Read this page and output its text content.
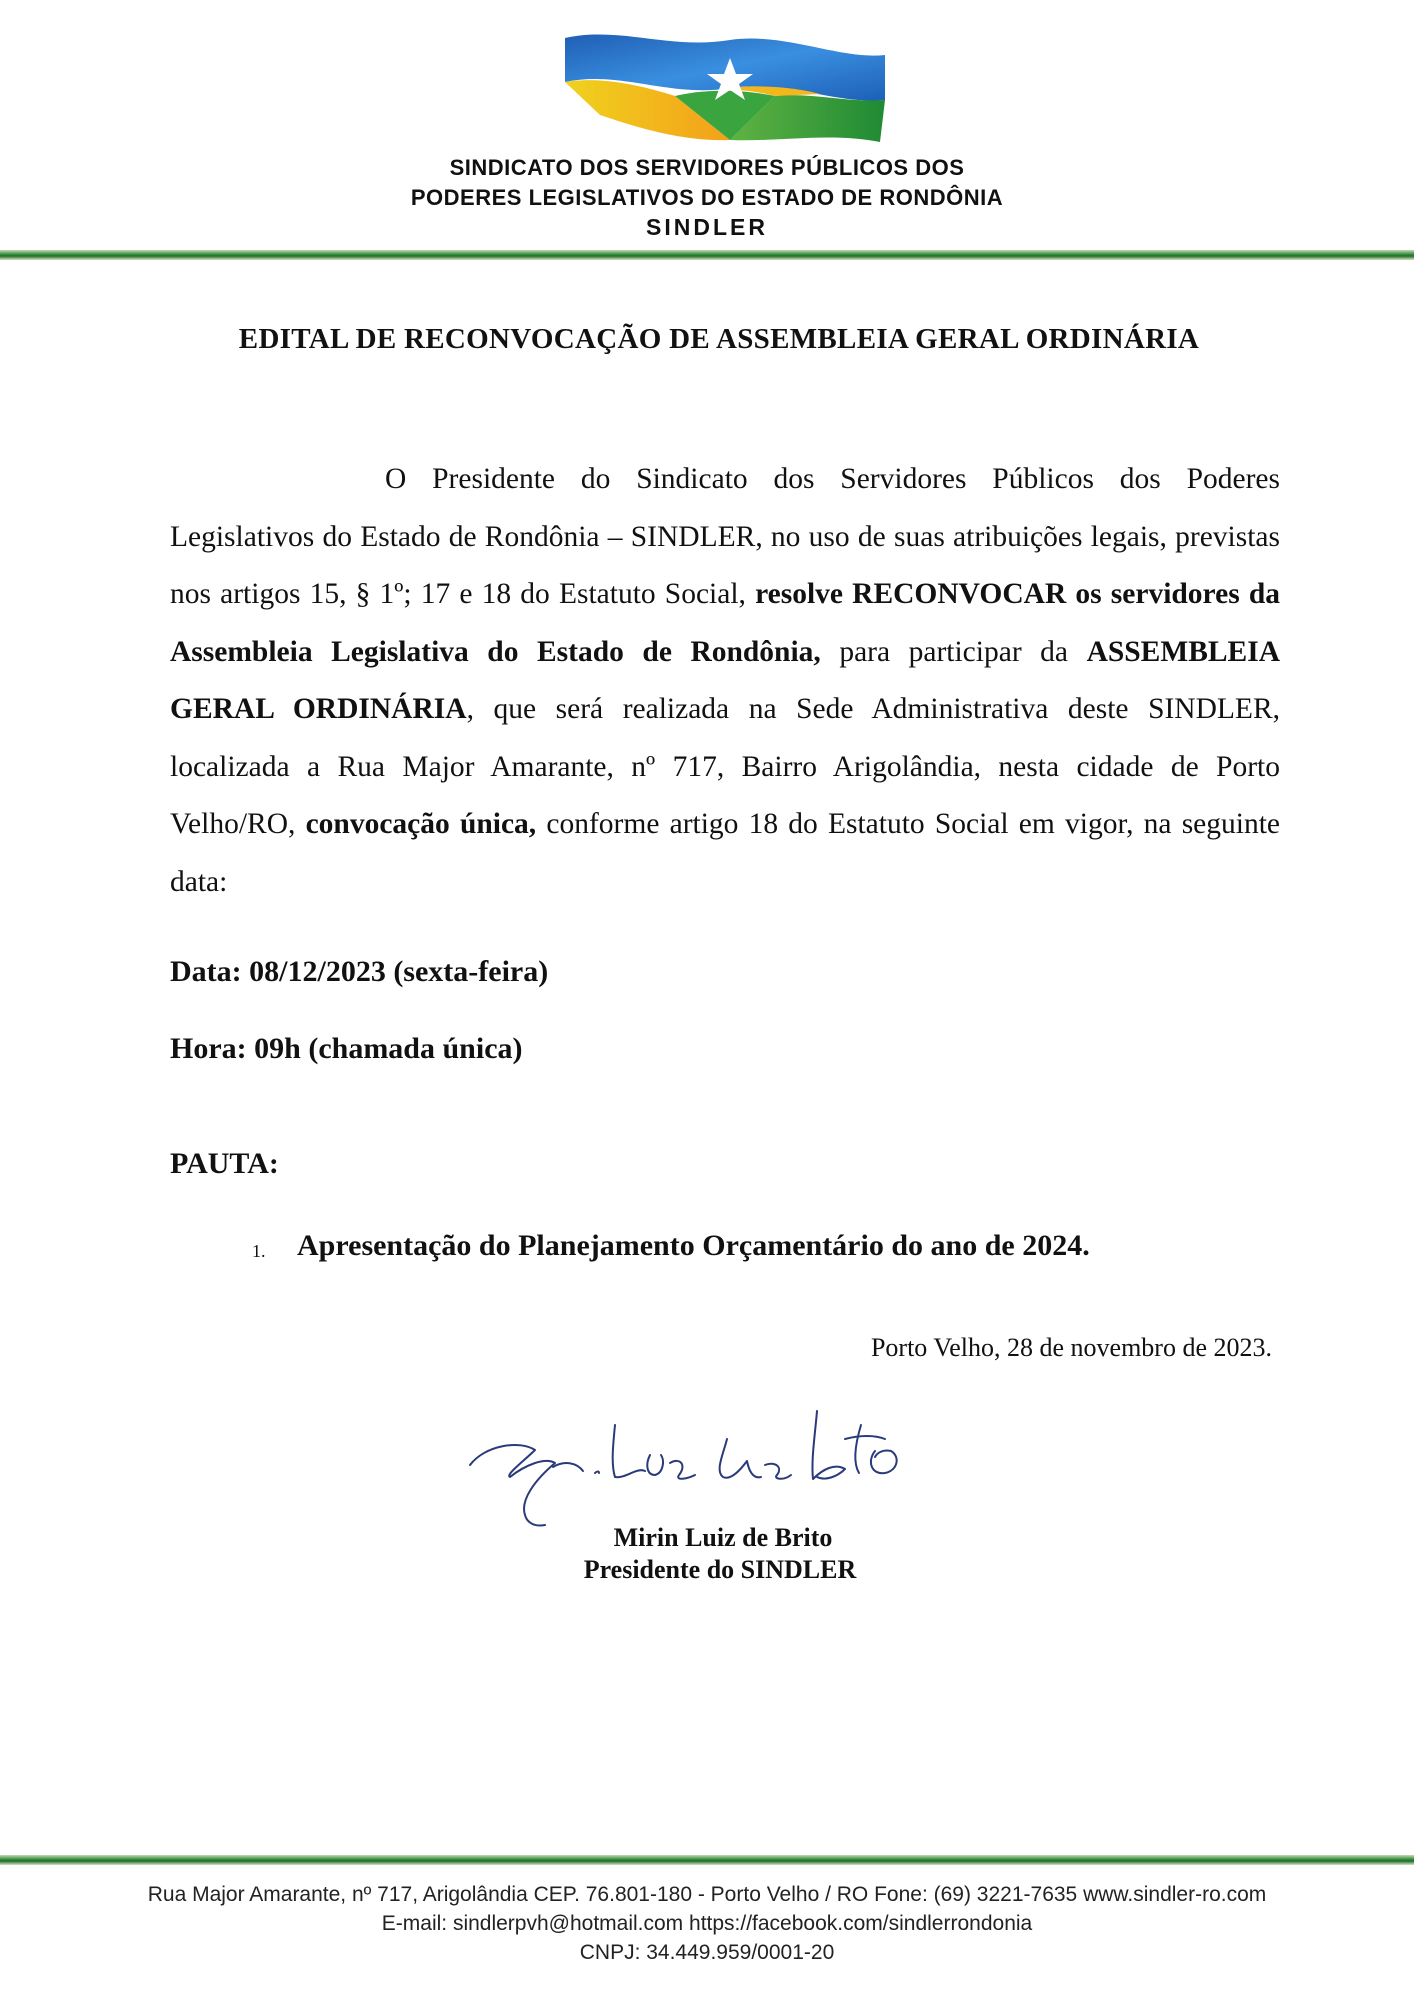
SINDICATO DOS SERVIDORES PÚBLICOS DOS
PODERES LEGISLATIVOS DO ESTADO DE RONDÔNIA
SINDLER
EDITAL DE RECONVOCAÇÃO DE ASSEMBLEIA GERAL ORDINÁRIA

O Presidente do Sindicato dos Servidores Públicos dos Poderes Legislativos do Estado de Rondônia – SINDLER, no uso de suas atribuições legais, previstas nos artigos 15, § 1º; 17 e 18 do Estatuto Social, resolve RECONVOCAR os servidores da Assembleia Legislativa do Estado de Rondônia, para participar da ASSEMBLEIA GERAL ORDINÁRIA, que será realizada na Sede Administrativa deste SINDLER, localizada a Rua Major Amarante, nº 717, Bairro Arigolândia, nesta cidade de Porto Velho/RO, convocação única, conforme artigo 18 do Estatuto Social em vigor, na seguinte data:

Data: 08/12/2023 (sexta-feira)
Hora: 09h (chamada única)
PAUTA:
1. Apresentação do Planejamento Orçamentário do ano de 2024.
Porto Velho, 28 de novembro de 2023.
Mirin Luiz de Brito
Presidente do SINDLER
Rua Major Amarante, nº 717, Arigolândia CEP. 76.801-180 - Porto Velho / RO Fone: (69) 3221-7635 www.sindler-ro.com
E-mail: sindlerpvh@hotmail.com https://facebook.com/sindlerrondonia
CNPJ: 34.449.959/0001-20
